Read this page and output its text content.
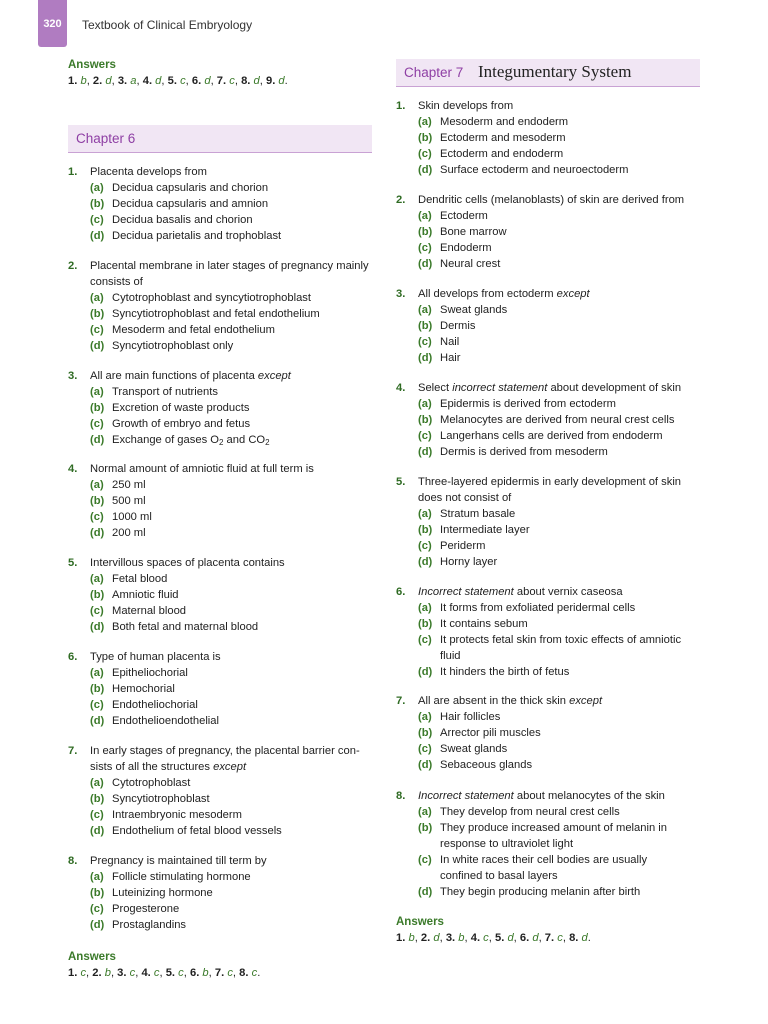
320	Textbook of Clinical Embryology
Answers
1. b, 2. d, 3. a, 4. d, 5. c, 6. d, 7. c, 8. d, 9. d.
Chapter 6
1. Placenta develops from
(a) Decidua capsularis and chorion
(b) Decidua capsularis and amnion
(c) Decidua basalis and chorion
(d) Decidua parietalis and trophoblast
2. Placental membrane in later stages of pregnancy mainly
consists of
(a) Cytotrophoblast and syncytiotrophoblast
(b) Syncytiotrophoblast and fetal endothelium
(c) Mesoderm and fetal endothelium
(d) Syncytiotrophoblast only
3. All are main functions of placenta except
(a) Transport of nutrients
(b) Excretion of waste products
(c) Growth of embryo and fetus
(d) Exchange of gases $O_2$ and $CO_2$
4. Normal amount of amniotic fluid at full term is
(a) 250 ml
(b) 500 ml
(c) 1000 ml
(d) 200 ml
5. Intervillous spaces of placenta contains
(a) Fetal blood
(b) Amniotic fluid
(c) Maternal blood
(d) Both fetal and maternal blood
6. Type of human placenta is
(a) Epitheliochorial
(b) Hemochorial
(c) Endotheliochorial
(d) Endothelioendothelial
7. In early stages of pregnancy, the placental barrier con-
sists of all the structures except
(a) Cytotrophoblast
(b) Syncytiotrophoblast
(c) Intraembryonic mesoderm
(d) Endothelium of fetal blood vessels
8. Pregnancy is maintained till term by
(a) Follicle stimulating hormone
(b) Luteinizing hormone
(c) Progesterone
(d) Prostaglandins
Answers
1. c, 2. b, 3. c, 4. c, 5. c, 6. b, 7. c, 8. c.
Chapter 7 Integumentary System
1. Skin develops from
(a) Mesoderm and endoderm
(b) Ectoderm and mesoderm
(c) Ectoderm and endoderm
(d) Surface ectoderm and neuroectoderm
2. Dendritic cells (melanoblasts) of skin are derived from
(a) Ectoderm
(b) Bone marrow
(c) Endoderm
(d) Neural crest
3. All develops from ectoderm except
(a) Sweat glands
(b) Dermis
(c) Nail
(d) Hair
4. Select incorrect statement about development of skin
(a) Epidermis is derived from ectoderm
(b) Melanocytes are derived from neural crest cells
(c) Langerhans cells are derived from endoderm
(d) Dermis is derived from mesoderm
5. Three-layered epidermis in early development of skin
does not consist of
(a) Stratum basale
(b) Intermediate layer
(c) Periderm
(d) Horny layer
6. Incorrect statement about vernix caseosa
(a) It forms from exfoliated peridermal cells
(b) It contains sebum
(c) It protects fetal skin from toxic effects of amniotic
fluid
(d) It hinders the birth of fetus
7. All are absent in the thick skin except
(a) Hair follicles
(b) Arrector pili muscles
(c) Sweat glands
(d) Sebaceous glands
8. Incorrect statement about melanocytes of the skin
(a) They develop from neural crest cells
(b) They produce increased amount of melanin in
response to ultraviolet light
(c) In white races their cell bodies are usually
confined to basal layers
(d) They begin producing melanin after birth
Answers
1. b, 2. d, 3. b, 4. c, 5. d, 6. d, 7. c, 8. d.
